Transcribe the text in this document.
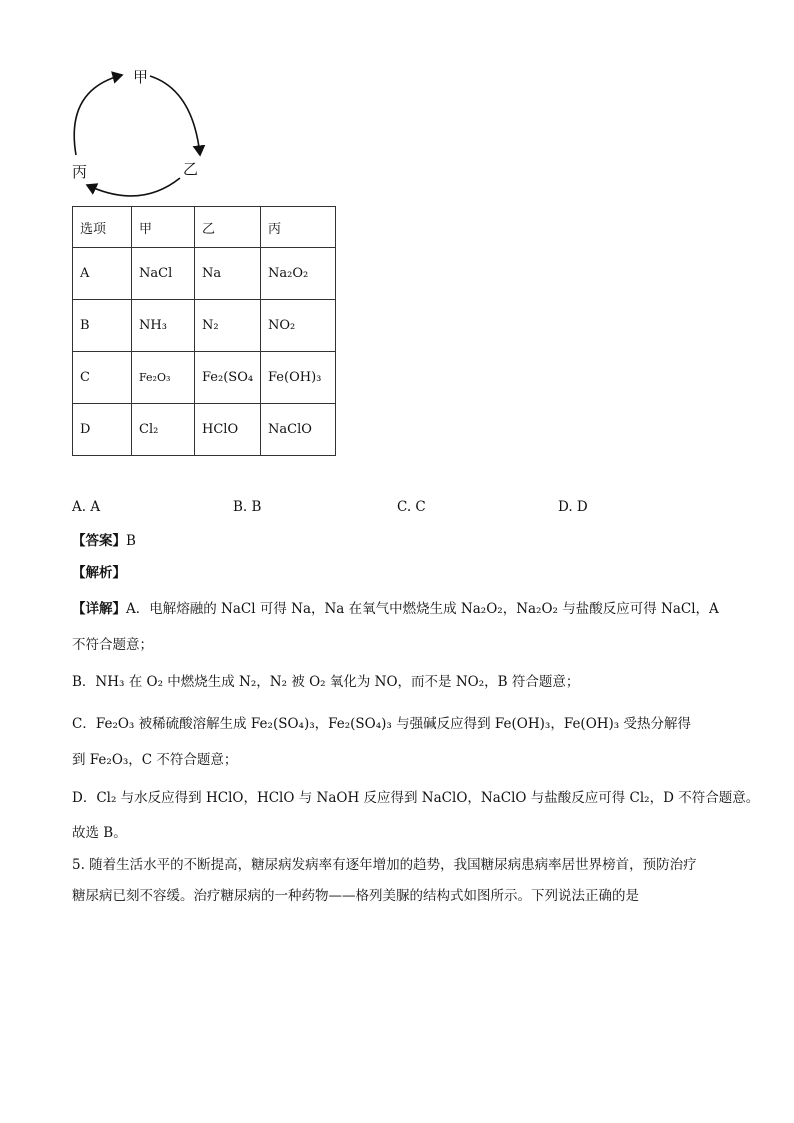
甲
乙
丙
选项	甲	乙	丙
A	NaCl	Na	Na₂O₂
B	NH₃	N₂	NO₂
C	Fe₂O₃	Fe₂(SO₄	Fe(OH)₃
D	Cl₂	HClO	NaClO
A. A	B. B	C. C	D. D
【答案】B
【解析】
【详解】A．电解熔融的 NaCl 可得 Na，Na 在氧气中燃烧生成 Na₂O₂，Na₂O₂ 与盐酸反应可得 NaCl，A
不符合题意；
B．NH₃ 在 O₂ 中燃烧生成 N₂，N₂ 被 O₂ 氧化为 NO，而不是 NO₂，B 符合题意；
C．Fe₂O₃ 被稀硫酸溶解生成 Fe₂(SO₄)₃，Fe₂(SO₄)₃ 与强碱反应得到 Fe(OH)₃，Fe(OH)₃ 受热分解得
到 Fe₂O₃，C 不符合题意；
D．Cl₂ 与水反应得到 HClO，HClO 与 NaOH 反应得到 NaClO，NaClO 与盐酸反应可得 Cl₂，D 不符合题意。
故选 B。
5. 随着生活水平的不断提高，糖尿病发病率有逐年增加的趋势，我国糖尿病患病率居世界榜首，预防治疗
糖尿病已刻不容缓。治疗糖尿病的一种药物——格列美脲的结构式如图所示。下列说法正确的是
